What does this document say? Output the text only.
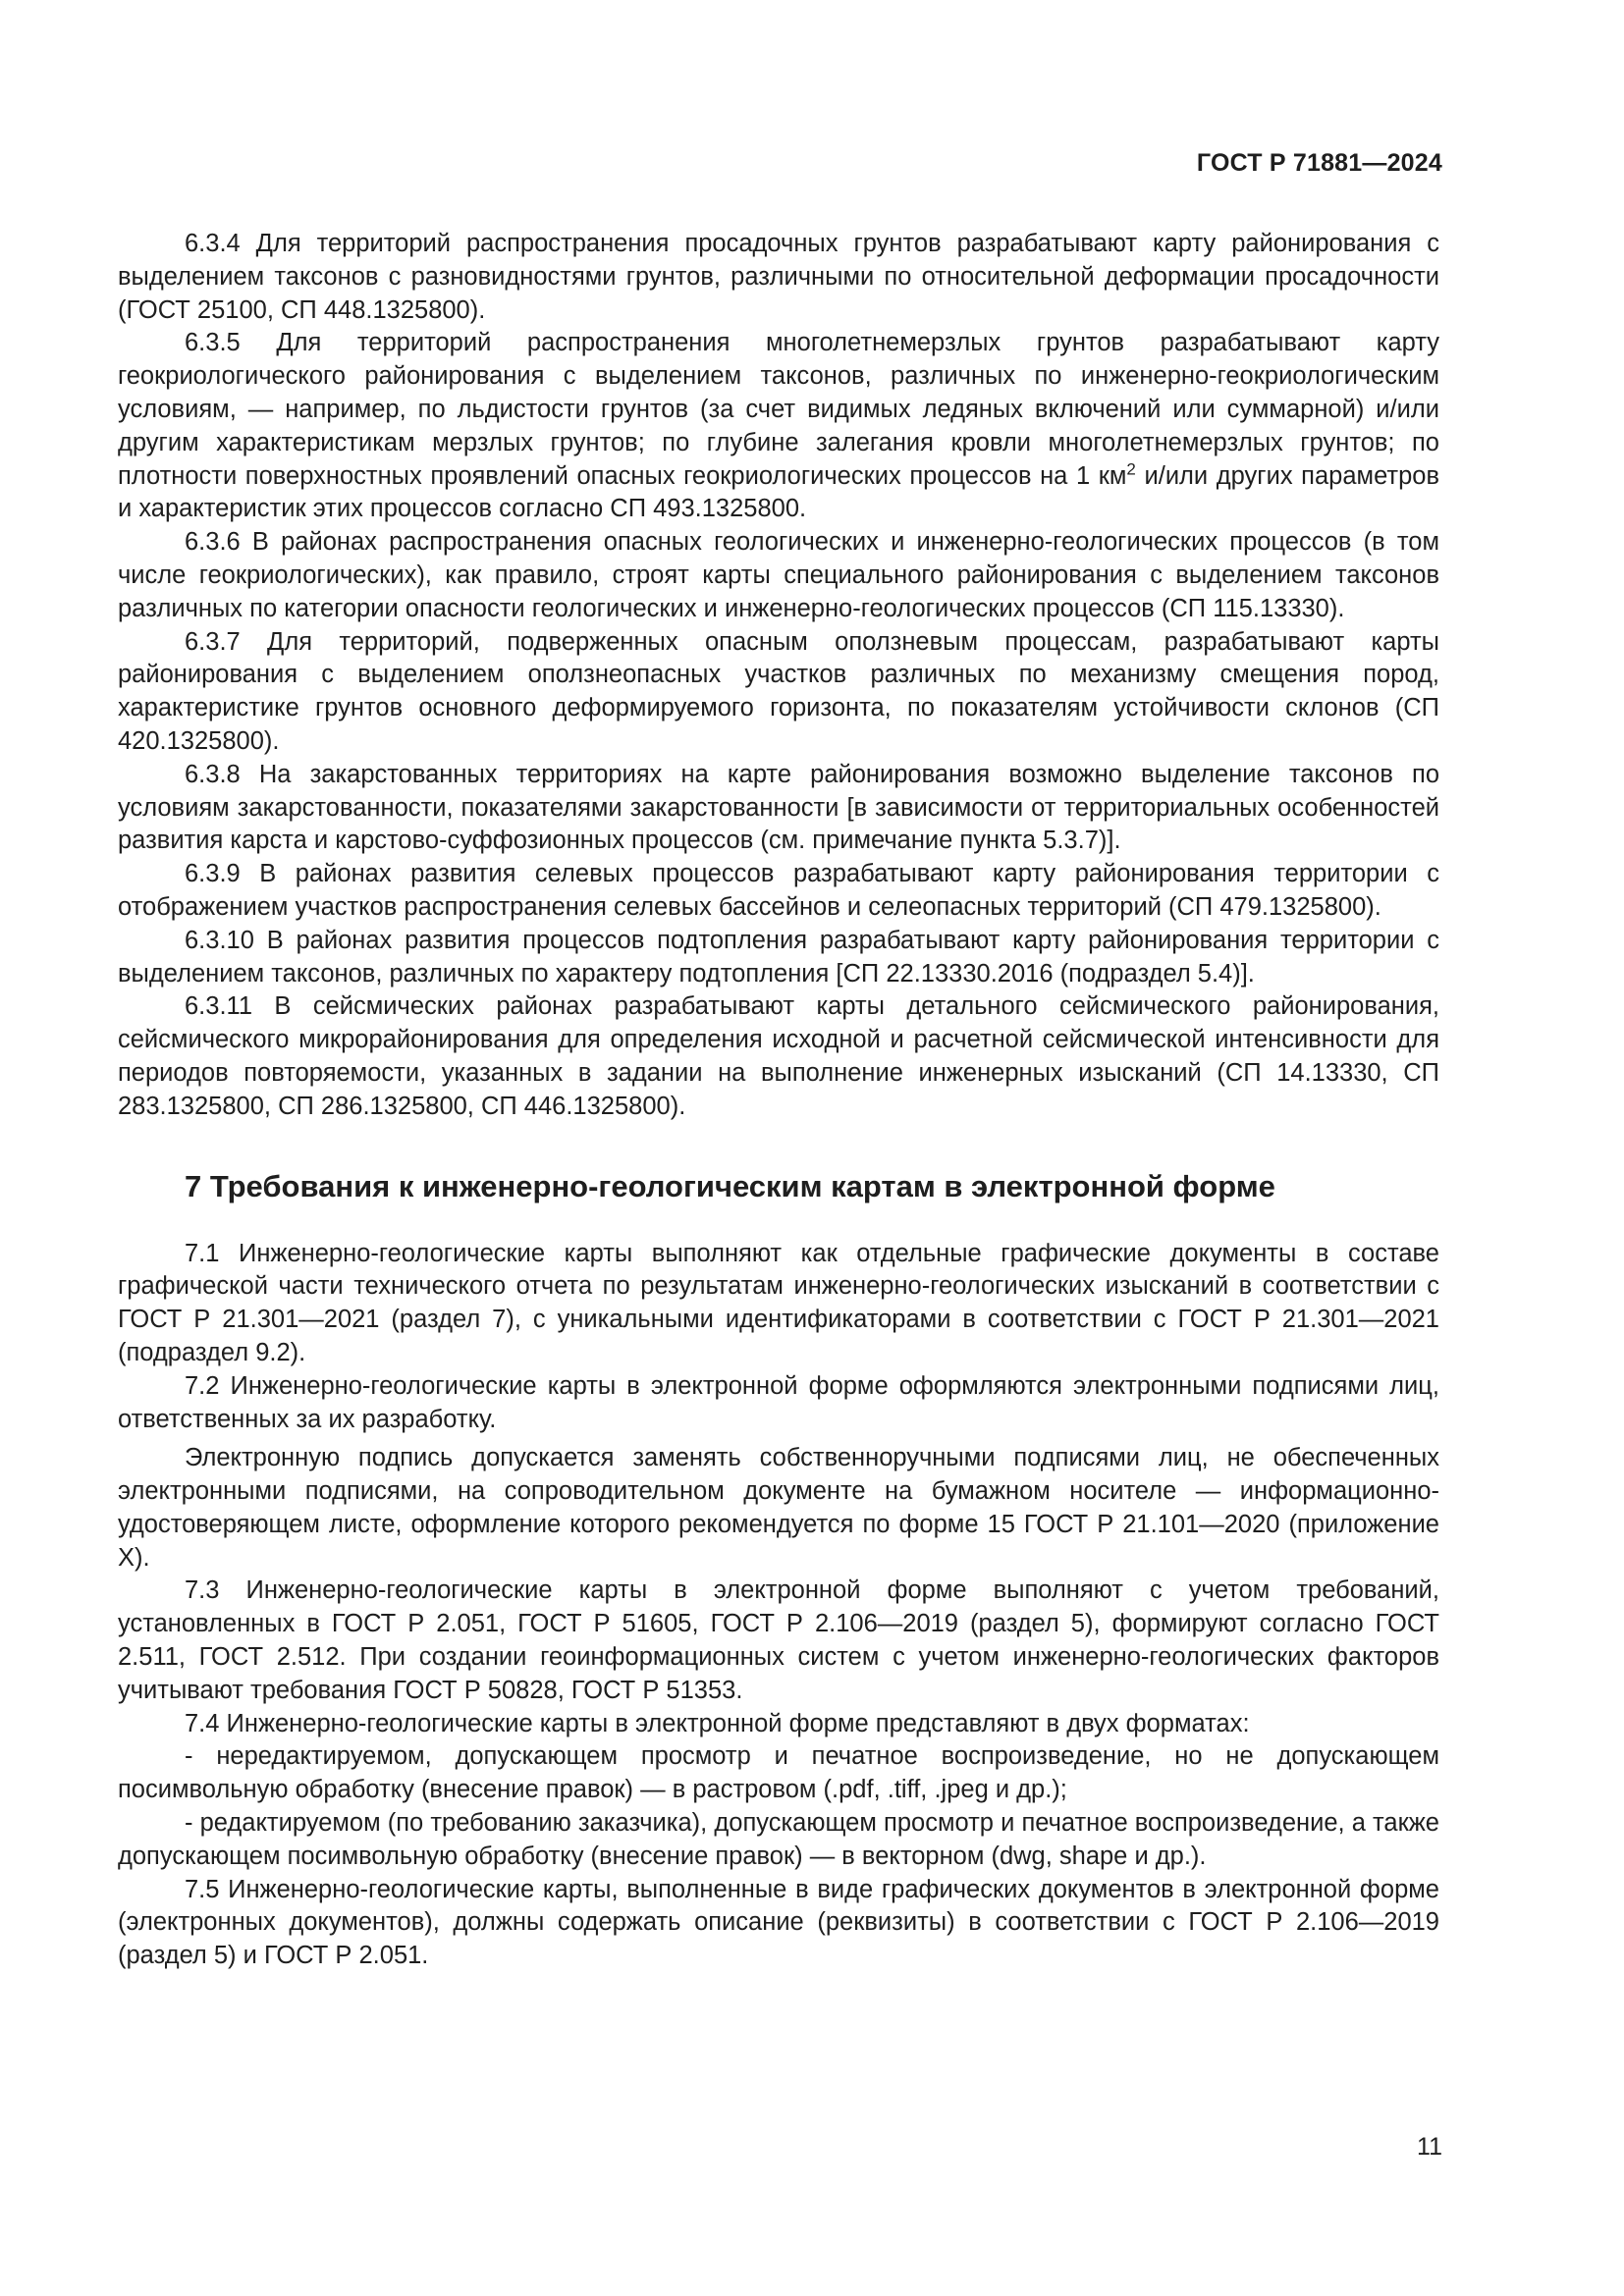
ГОСТ Р 71881—2024

6.3.4 Для территорий распространения просадочных грунтов разрабатывают карту районирования с выделением таксонов с разновидностями грунтов, различными по относительной деформации просадочности (ГОСТ 25100, СП 448.1325800).

6.3.5 Для территорий распространения многолетнемерзлых грунтов разрабатывают карту геокриологического районирования с выделением таксонов, различных по инженерно-геокриологическим условиям, — например, по льдистости грунтов (за счет видимых ледяных включений или суммарной) и/или другим характеристикам мерзлых грунтов; по глубине залегания кровли многолетнемерзлых грунтов; по плотности поверхностных проявлений опасных геокриологических процессов на 1 $км^2$ и/или других параметров и характеристик этих процессов согласно СП 493.1325800.

6.3.6 В районах распространения опасных геологических и инженерно-геологических процессов (в том числе геокриологических), как правило, строят карты специального районирования с выделением таксонов различных по категории опасности геологических и инженерно-геологических процессов (СП 115.13330).

6.3.7 Для территорий, подверженных опасным оползневым процессам, разрабатывают карты районирования с выделением оползнеопасных участков различных по механизму смещения пород, характеристике грунтов основного деформируемого горизонта, по показателям устойчивости склонов (СП 420.1325800).

6.3.8 На закарстованных территориях на карте районирования возможно выделение таксонов по условиям закарстованности, показателями закарстованности [в зависимости от территориальных особенностей развития карста и карстово-суффозионных процессов (см. примечание пункта 5.3.7)].

6.3.9 В районах развития селевых процессов разрабатывают карту районирования территории с отображением участков распространения селевых бассейнов и селеопасных территорий (СП 479.1325800).

6.3.10 В районах развития процессов подтопления разрабатывают карту районирования территории с выделением таксонов, различных по характеру подтопления [СП 22.13330.2016 (подраздел 5.4)].

6.3.11 В сейсмических районах разрабатывают карты детального сейсмического районирования, сейсмического микрорайонирования для определения исходной и расчетной сейсмической интенсивности для периодов повторяемости, указанных в задании на выполнение инженерных изысканий (СП 14.13330, СП 283.1325800, СП 286.1325800, СП 446.1325800).

7 Требования к инженерно-геологическим картам в электронной форме

7.1 Инженерно-геологические карты выполняют как отдельные графические документы в составе графической части технического отчета по результатам инженерно-геологических изысканий в соответствии с ГОСТ Р 21.301—2021 (раздел 7), с уникальными идентификаторами в соответствии с ГОСТ Р 21.301—2021 (подраздел 9.2).

7.2 Инженерно-геологические карты в электронной форме оформляются электронными подписями лиц, ответственных за их разработку.

Электронную подпись допускается заменять собственноручными подписями лиц, не обеспеченных электронными подписями, на сопроводительном документе на бумажном носителе — информационно-удостоверяющем листе, оформление которого рекомендуется по форме 15 ГОСТ Р 21.101—2020 (приложение Х).

7.3 Инженерно-геологические карты в электронной форме выполняют с учетом требований, установленных в ГОСТ Р 2.051, ГОСТ Р 51605, ГОСТ Р 2.106—2019 (раздел 5), формируют согласно ГОСТ 2.511, ГОСТ 2.512. При создании геоинформационных систем с учетом инженерно-геологических факторов учитывают требования ГОСТ Р 50828, ГОСТ Р 51353.

7.4 Инженерно-геологические карты в электронной форме представляют в двух форматах:

- нередактируемом, допускающем просмотр и печатное воспроизведение, но не допускающем посимвольную обработку (внесение правок) — в растровом (.pdf, .tiff, .jpeg и др.);

- редактируемом (по требованию заказчика), допускающем просмотр и печатное воспроизведение, а также допускающем посимвольную обработку (внесение правок) — в векторном (dwg, shape и др.).

7.5 Инженерно-геологические карты, выполненные в виде графических документов в электронной форме (электронных документов), должны содержать описание (реквизиты) в соответствии с ГОСТ Р 2.106—2019 (раздел 5) и ГОСТ Р 2.051.

11
